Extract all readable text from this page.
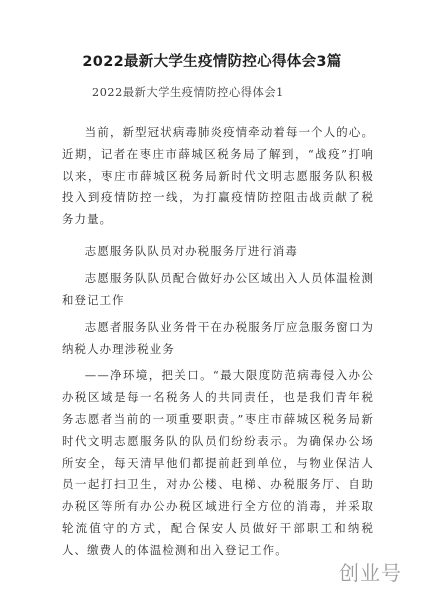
2022最新大学生疫情防控心得体会3篇
2022最新大学生疫情防控心得体会1

当前，新型冠状病毒肺炎疫情牵动着每一个人的心。近期，记者在枣庄市薛城区税务局了解到，“战疫”打响以来，枣庄市薛城区税务局新时代文明志愿服务队积极投入到疫情防控一线，为打赢疫情防控阻击战贡献了税务力量。

志愿服务队队员对办税服务厅进行消毒

志愿服务队队员配合做好办公区域出入人员体温检测和登记工作

志愿者服务队业务骨干在办税服务厅应急服务窗口为纳税人办理涉税业务

——净环境，把关口。“最大限度防范病毒侵入办公办税区域是每一名税务人的共同责任，也是我们青年税务志愿者当前的一项重要职责。”枣庄市薛城区税务局新时代文明志愿服务队的队员们纷纷表示。为确保办公场所安全，每天清早他们都提前赶到单位，与物业保洁人员一起打扫卫生，对办公楼、电梯、办税服务厅、自助办税区等所有办公办税区域进行全方位的消毒，并采取轮流值守的方式，配合保安人员做好干部职工和纳税人、缴费人的体温检测和出入登记工作。

创业号
